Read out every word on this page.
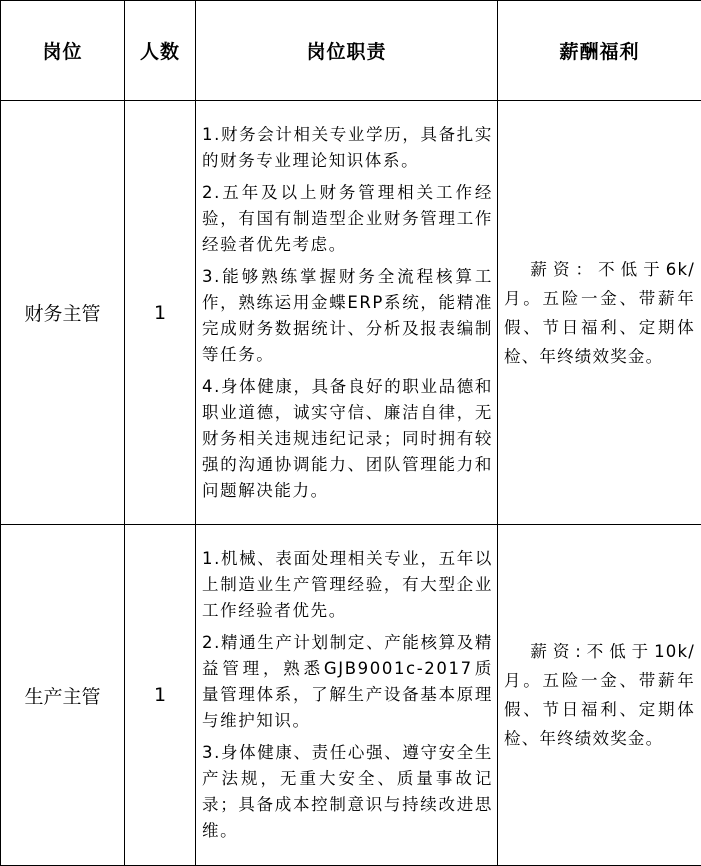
岗位	人数	岗位职责	薪酬福利
财务主管	1	1.财务会计相关专业学历，具备扎实的财务专业理论知识体系。
2.五年及以上财务管理相关工作经验，有国有制造型企业财务管理工作经验者优先考虑。
3.能够熟练掌握财务全流程核算工作，熟练运用金蝶ERP系统，能精准完成财务数据统计、分析及报表编制等任务。
4.身体健康，具备良好的职业品德和职业道德，诚实守信、廉洁自律，无财务相关违规违纪记录；同时拥有较强的沟通协调能力、团队管理能力和问题解决能力。	薪资：不低于6k/月。五险一金、带薪年假、节日福利、定期体检、年终绩效奖金。

生产主管	1	1.机械、表面处理相关专业，五年以上制造业生产管理经验，有大型企业工作经验者优先。
2.精通生产计划制定、产能核算及精益管理，熟悉GJB9001c-2017质量管理体系，了解生产设备基本原理与维护知识。
3.身体健康、责任心强、遵守安全生产法规，无重大安全、质量事故记录；具备成本控制意识与持续改进思维。	薪资:不低于10k/月。五险一金、带薪年假、节日福利、定期体检、年终绩效奖金。
